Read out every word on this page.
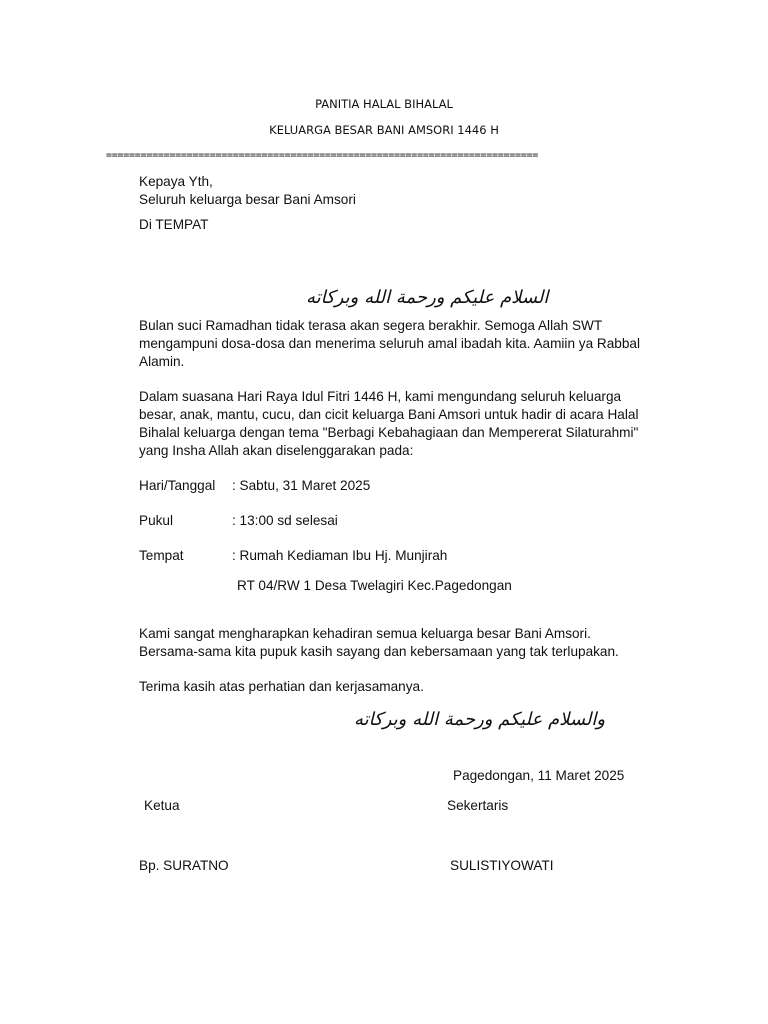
PANITIA HALAL BIHALAL
KELUARGA BESAR BANI AMSORI 1446 H
===========================================================================
Kepaya Yth,
Seluruh keluarga besar Bani Amsori
Di TEMPAT
السلام عليكم ورحمة الله وبركاته

Bulan suci Ramadhan tidak terasa akan segera berakhir. Semoga Allah SWT

mengampuni dosa-dosa dan menerima seluruh amal ibadah kita. Aamiin ya Rabbal

Alamin.

Dalam suasana Hari Raya Idul Fitri 1446 H, kami mengundang seluruh keluarga

besar, anak, mantu, cucu, dan cicit keluarga Bani Amsori untuk hadir di acara Halal

Bihalal keluarga dengan tema "Berbagi Kebahagiaan dan Mempererat Silaturahmi"

yang Insha Allah akan diselenggarakan pada:

Hari/Tanggal : Sabtu, 31 Maret 2025
Pukul	: 13:00 sd selesai
Tempat	: Rumah Kediaman Ibu Hj. Munjirah
RT 04/RW 1 Desa Twelagiri Kec.Pagedongan
Kami sangat mengharapkan kehadiran semua keluarga besar Bani Amsori.
Bersama-sama kita pupuk kasih sayang dan kebersamaan yang tak terlupakan.
Terima kasih atas perhatian dan kerjasamanya.
والسلام عليكم ورحمة الله وبركاته
Pagedongan, 11 Maret 2025
Ketua	Sekertaris
Bp. SURATNO	SULISTIYOWATI
